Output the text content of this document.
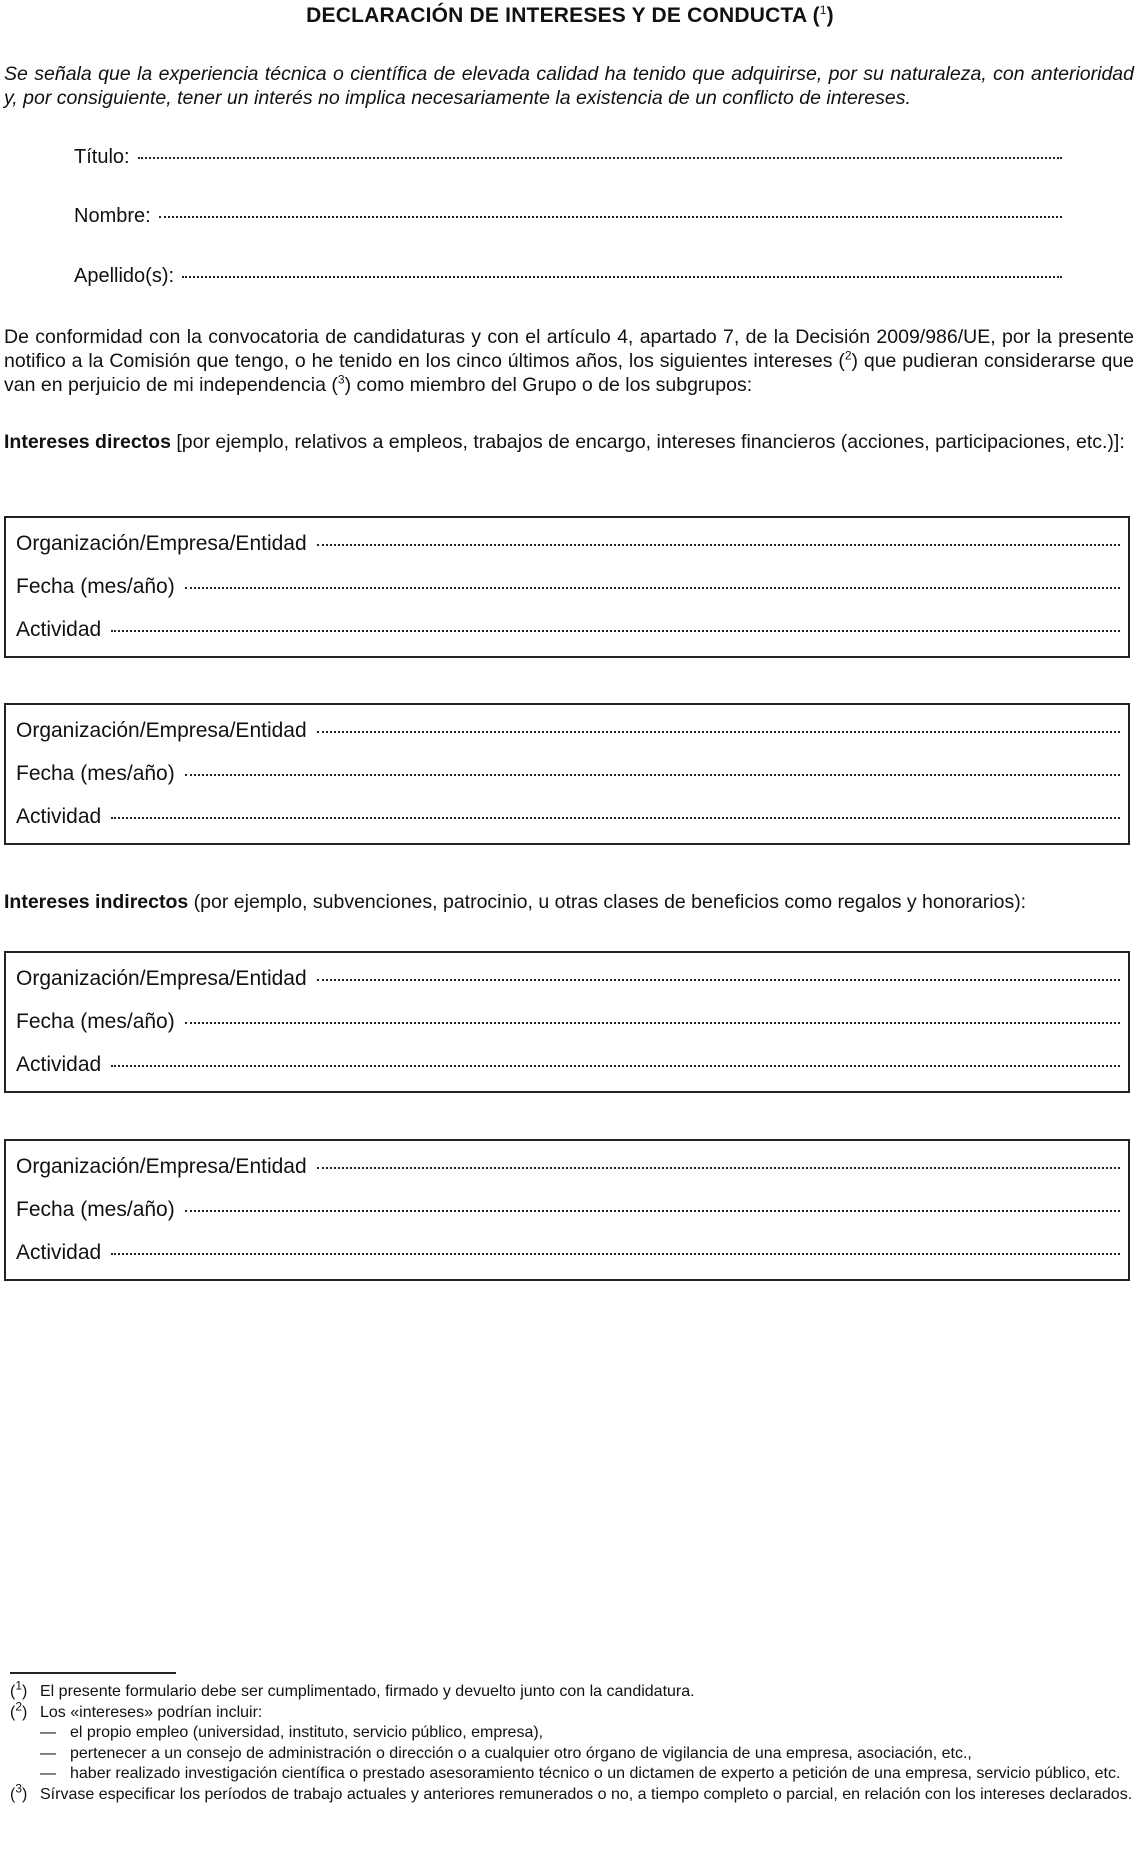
DECLARACIÓN DE INTERESES Y DE CONDUCTA ($^1$)
Se señala que la experiencia técnica o científica de elevada calidad ha tenido que adquirirse, por su naturaleza, con anterioridad y, por consiguiente, tener un interés no implica necesariamente la existencia de un conflicto de intereses.
Título:
Nombre:
Apellido(s):
De conformidad con la convocatoria de candidaturas y con el artículo 4, apartado 7, de la Decisión 2009/986/UE, por la presente notifico a la Comisión que tengo, o he tenido en los cinco últimos años, los siguientes intereses ($^2$) que pudieran considerarse que van en perjuicio de mi independencia ($^3$) como miembro del Grupo o de los subgrupos:
Intereses directos [por ejemplo, relativos a empleos, trabajos de encargo, intereses financieros (acciones, participaciones, etc.)]:
Organización/Empresa/Entidad
Fecha (mes/año)
Actividad
Organización/Empresa/Entidad
Fecha (mes/año)
Actividad
Intereses indirectos (por ejemplo, subvenciones, patrocinio, u otras clases de beneficios como regalos y honorarios):
Organización/Empresa/Entidad
Fecha (mes/año)
Actividad
Organización/Empresa/Entidad
Fecha (mes/año)
Actividad
($^1$) El presente formulario debe ser cumplimentado, firmado y devuelto junto con la candidatura.
($^2$) Los «intereses» podrían incluir:
— el propio empleo (universidad, instituto, servicio público, empresa),
— pertenecer a un consejo de administración o dirección o a cualquier otro órgano de vigilancia de una empresa, asociación, etc.,
— haber realizado investigación científica o prestado asesoramiento técnico o un dictamen de experto a petición de una empresa, servicio público, etc.
($^3$) Sírvase especificar los períodos de trabajo actuales y anteriores remunerados o no, a tiempo completo o parcial, en relación con los intereses declarados.
